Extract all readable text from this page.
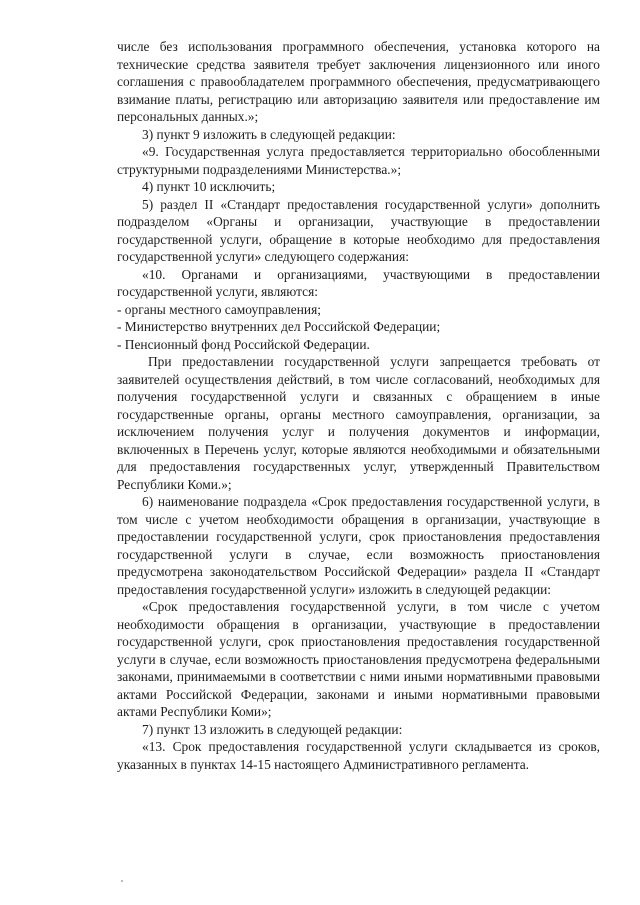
числе без использования программного обеспечения, установка которого на технические средства заявителя требует заключения лицензионного или иного соглашения с правообладателем программного обеспечения, предусматривающего взимание платы, регистрацию или авторизацию заявителя или предоставление им персональных данных.»;

3) пункт 9 изложить в следующей редакции:

«9. Государственная услуга предоставляется территориально обособленными структурными подразделениями Министерства.»;

4) пункт 10 исключить;

5) раздел II «Стандарт предоставления государственной услуги» дополнить подразделом «Органы и организации, участвующие в предоставлении государственной услуги, обращение в которые необходимо для предоставления государственной услуги» следующего содержания:

«10. Органами и организациями, участвующими в предоставлении государственной услуги, являются:

- органы местного самоуправления;

- Министерство внутренних дел Российской Федерации;

- Пенсионный фонд Российской Федерации.

При предоставлении государственной услуги запрещается требовать от заявителей осуществления действий, в том числе согласований, необходимых для получения государственной услуги и связанных с обращением в иные государственные органы, органы местного самоуправления, организации, за исключением получения услуг и получения документов и информации, включенных в Перечень услуг, которые являются необходимыми и обязательными для предоставления государственных услуг, утвержденный Правительством Республики Коми.»;

6) наименование подраздела «Срок предоставления государственной услуги, в том числе с учетом необходимости обращения в организации, участвующие в предоставлении государственной услуги, срок приостановления предоставления государственной услуги в случае, если возможность приостановления предусмотрена законодательством Российской Федерации» раздела II «Стандарт предоставления государственной услуги» изложить в следующей редакции:

«Срок предоставления государственной услуги, в том числе с учетом необходимости обращения в организации, участвующие в предоставлении государственной услуги, срок приостановления предоставления государственной услуги в случае, если возможность приостановления предусмотрена федеральными законами, принимаемыми в соответствии с ними иными нормативными правовыми актами Российской Федерации, законами и иными нормативными правовыми актами Республики Коми»;

7) пункт 13 изложить в следующей редакции:

«13. Срок предоставления государственной услуги складывается из сроков, указанных в пунктах 14-15 настоящего Административного регламента.
